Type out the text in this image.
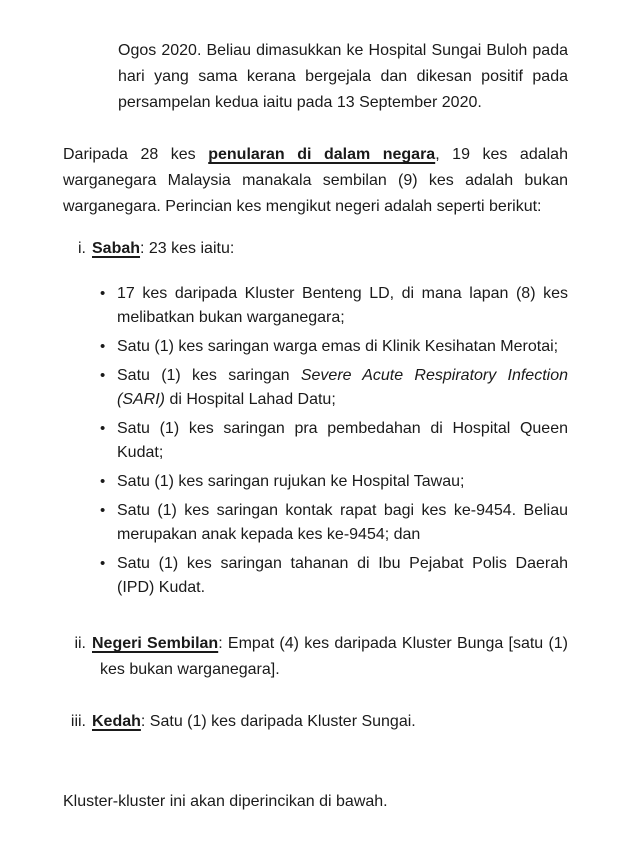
Ogos 2020. Beliau dimasukkan ke Hospital Sungai Buloh pada hari yang sama kerana bergejala dan dikesan positif pada persampelan kedua iaitu pada 13 September 2020.

Daripada 28 kes penularan di dalam negara, 19 kes adalah warganegara Malaysia manakala sembilan (9) kes adalah bukan warganegara. Perincian kes mengikut negeri adalah seperti berikut:

i. Sabah: 23 kes iaitu:
• 17 kes daripada Kluster Benteng LD, di mana lapan (8) kes melibatkan bukan warganegara;
• Satu (1) kes saringan warga emas di Klinik Kesihatan Merotai;
• Satu (1) kes saringan Severe Acute Respiratory Infection (SARI) di Hospital Lahad Datu;
• Satu (1) kes saringan pra pembedahan di Hospital Queen Kudat;
• Satu (1) kes saringan rujukan ke Hospital Tawau;
• Satu (1) kes saringan kontak rapat bagi kes ke-9454. Beliau merupakan anak kepada kes ke-9454; dan
• Satu (1) kes saringan tahanan di Ibu Pejabat Polis Daerah (IPD) Kudat.
ii. Negeri Sembilan: Empat (4) kes daripada Kluster Bunga [satu (1) kes bukan warganegara].
iii. Kedah: Satu (1) kes daripada Kluster Sungai.

Kluster-kluster ini akan diperincikan di bawah.
